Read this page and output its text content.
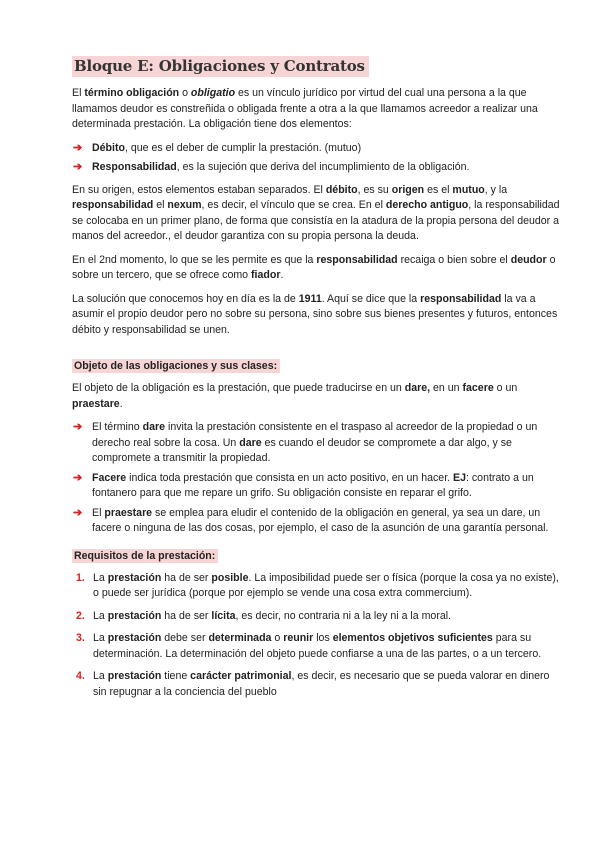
Bloque E: Obligaciones y Contratos

El término obligación o obligatio es un vínculo jurídico por virtud del cual una persona a la que llamamos deudor es constreñida o obligada frente a otra a la que llamamos acreedor a realizar una determinada prestación. La obligación tiene dos elementos:

➔ Débito, que es el deber de cumplir la prestación. (mutuo)
➔ Responsabilidad, es la sujeción que deriva del incumplimiento de la obligación.

En su origen, estos elementos estaban separados. El débito, es su origen es el mutuo, y la responsabilidad el nexum, es decir, el vínculo que se crea. En el derecho antiguo, la responsabilidad se colocaba en un primer plano, de forma que consistía en la atadura de la propia persona del deudor a manos del acreedor., el deudor garantiza con su propia persona la deuda.

En el 2nd momento, lo que se les permite es que la responsabilidad recaiga o bien sobre el deudor o sobre un tercero, que se ofrece como fiador.

La solución que conocemos hoy en día es la de 1911. Aquí se dice que la responsabilidad la va a asumir el propio deudor pero no sobre su persona, sino sobre sus bienes presentes y futuros, entonces débito y responsabilidad se unen.

Objeto de las obligaciones y sus clases:

El objeto de la obligación es la prestación, que puede traducirse en un dare, en un facere o un praestare.

➔ El término dare invita la prestación consistente en el traspaso al acreedor de la propiedad o un derecho real sobre la cosa. Un dare es cuando el deudor se compromete a dar algo, y se compromete a transmitir la propiedad.
➔ Facere indica toda prestación que consista en un acto positivo, en un hacer. EJ: contrato a un fontanero para que me repare un grifo. Su obligación consiste en reparar el grifo.
➔ El praestare se emplea para eludir el contenido de la obligación en general, ya sea un dare, un facere o ninguna de las dos cosas, por ejemplo, el caso de la asunción de una garantía personal.
Requisitos de la prestación:
1. La prestación ha de ser posible. La imposibilidad puede ser o física (porque la cosa ya no existe), o puede ser jurídica (porque por ejemplo se vende una cosa extra commercium).
2. La prestación ha de ser lícita, es decir, no contraria ni a la ley ni a la moral.
3. La prestación debe ser determinada o reunir los elementos objetivos suficientes para su determinación. La determinación del objeto puede confiarse a una de las partes, o a un tercero.
4. La prestación tiene carácter patrimonial, es decir, es necesario que se pueda valorar en dinero sin repugnar a la conciencia del pueblo
